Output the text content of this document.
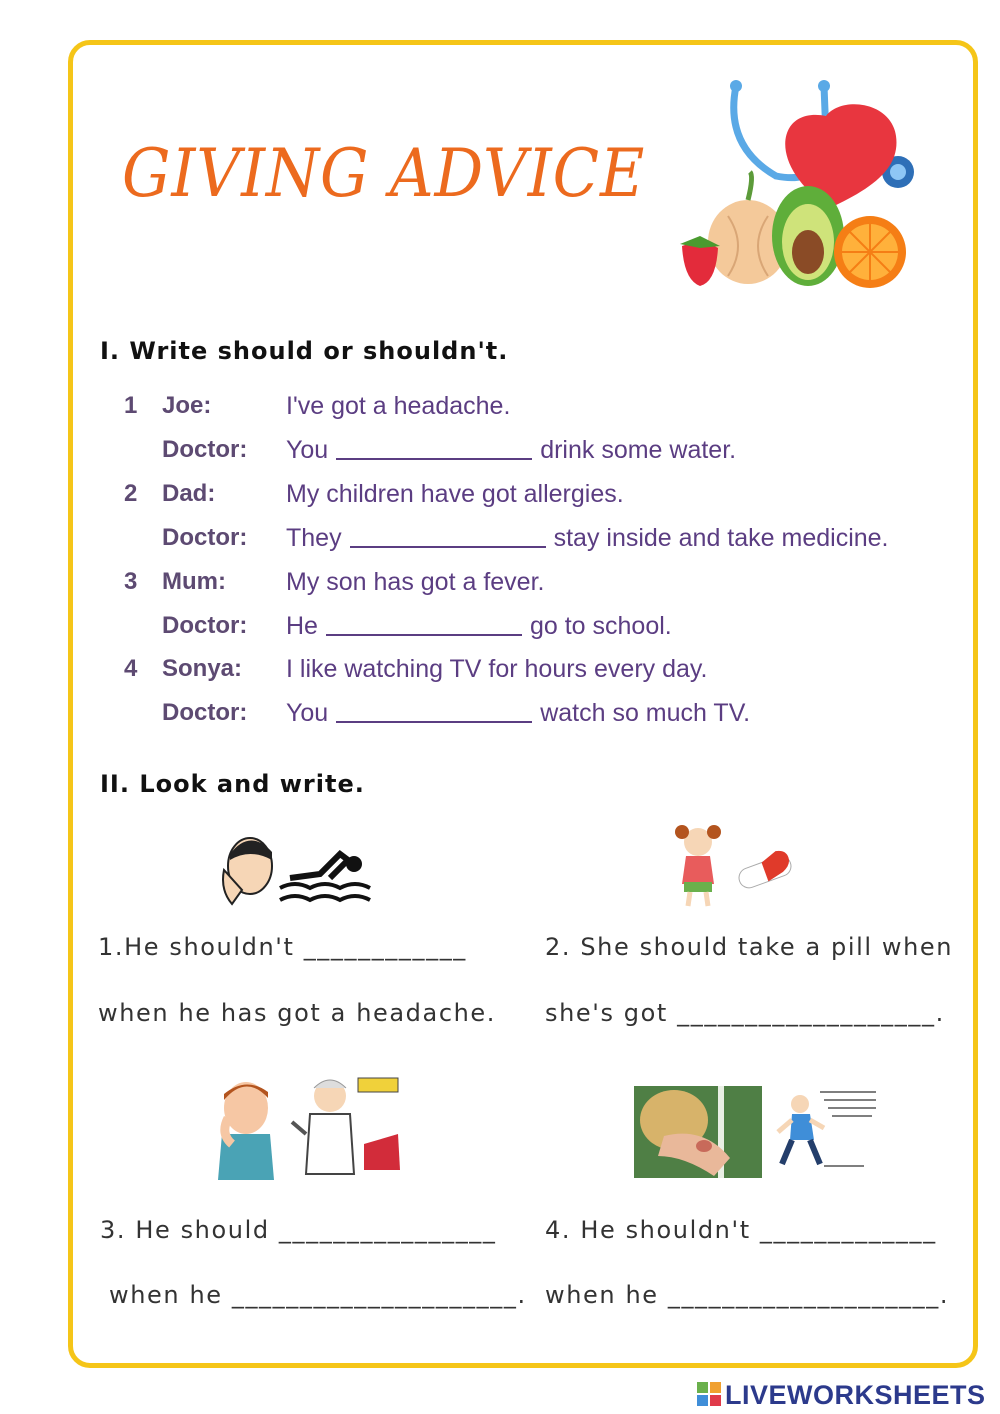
GIVING ADVICE
I. Write should or shouldn't.
1 Joe:	I've got a headache.
Doctor: You	drink some water.
2 Dad:	My children have got allergies.
Doctor: They	stay inside and take medicine.
3 Mum: My son has got a fever.
Doctor: He	go to school.
4 Sonya: I like watching TV for hours every day.
Doctor: You	watch so much TV.
II. Look and write.
1.He shouldn't ____________
when he has got a headache.
2. She should take a pill when
she's got ___________________.
3. He should ________________
when he _____________________.
4. He shouldn't _____________
when he ____________________.
LIVEWORKSHEETS
